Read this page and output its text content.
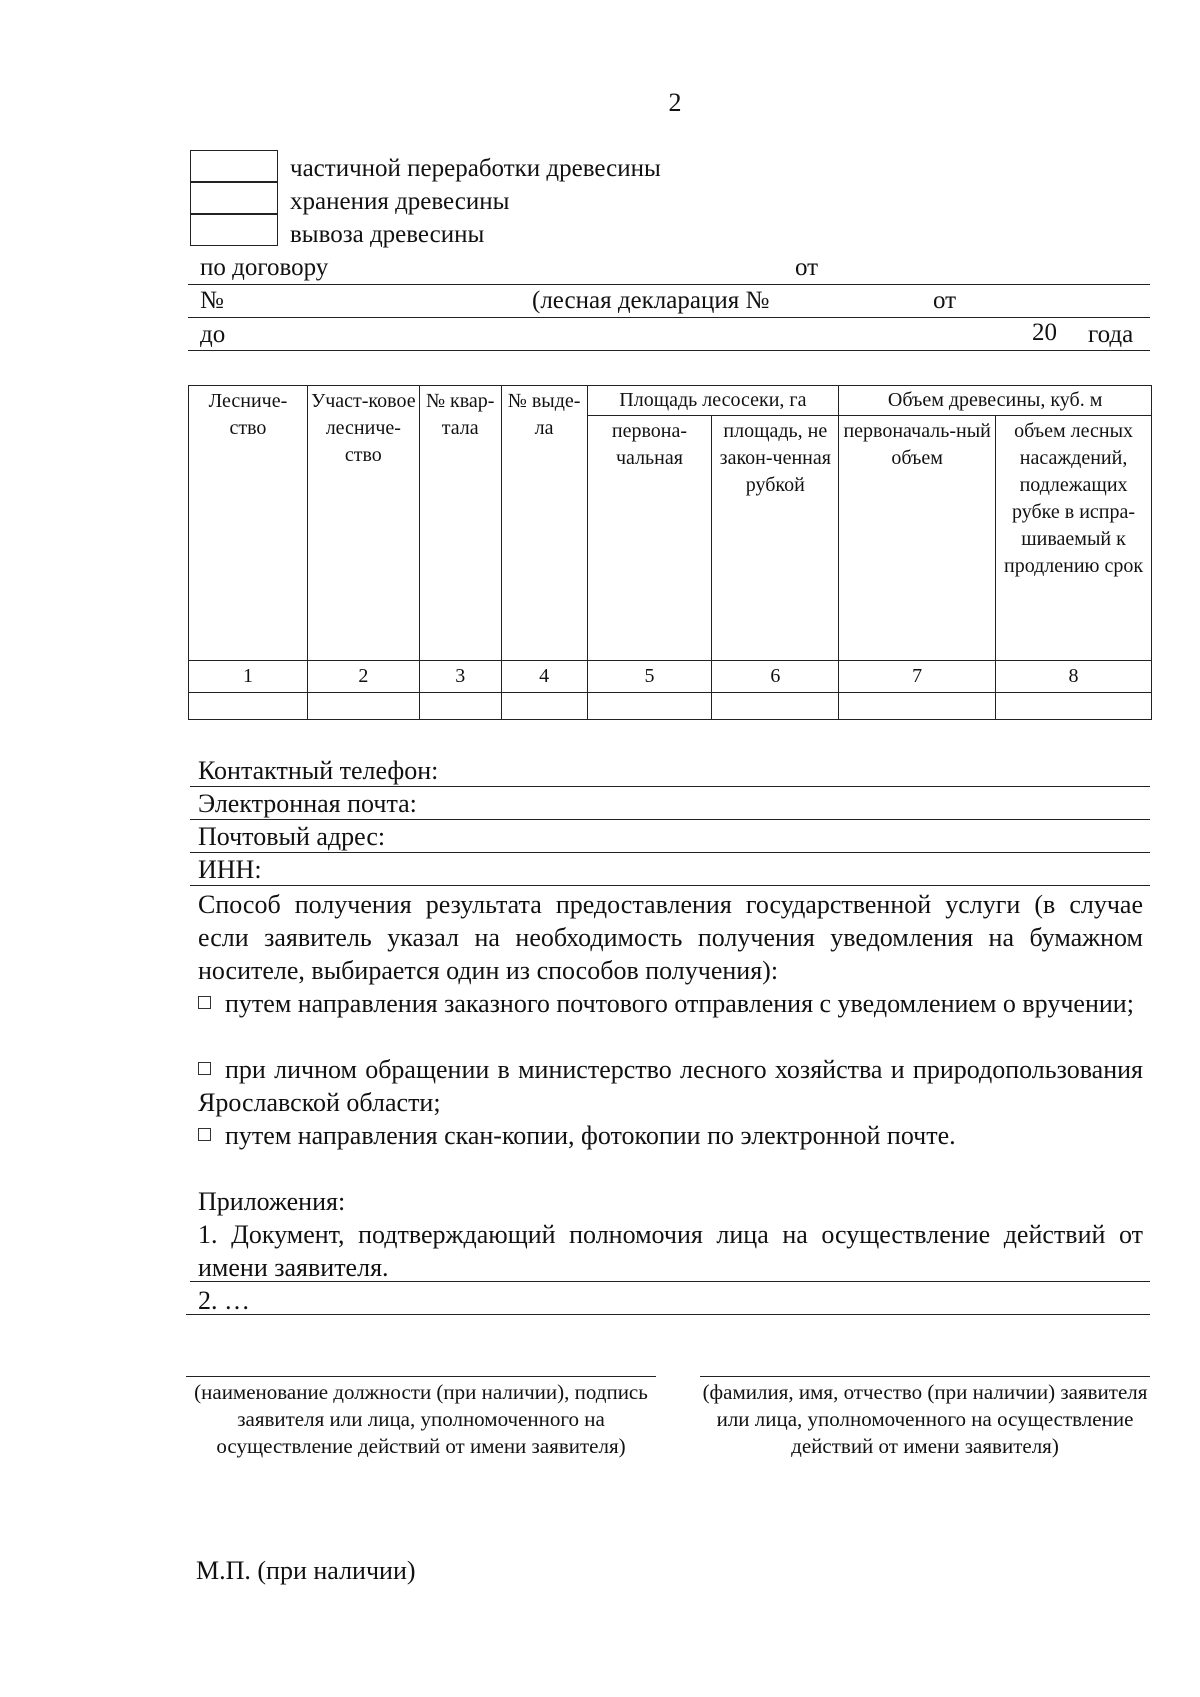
2
частичной переработки древесины
хранения древесины
вывоза древесины
по договору	от
№	(лесная декларация №	от
до	20 года
Лесниче-ство	Участ-ковое лесниче-ство	№ квар-тала	№ выде-ла	Площадь лесосеки, га		Объем древесины, куб. м	
				первона-чальная	площадь, не закон-ченная рубкой	первоначаль-ный объем	объем лесных насаждений, подлежащих рубке в испра-шиваемый к продлению срок
1	2	3	4	5	6	7	8

Контактный телефон:
Электронная почта:
Почтовый адрес:
ИНН:
Способ получения результата предоставления государственной услуги (в случае если заявитель указал на необходимость получения уведомления на бумажном носителе, выбирается один из способов получения):
путем направления заказного почтового отправления с уведомлением о вручении;
при личном обращении в министерство лесного хозяйства и природопользования Ярославской области;
путем направления скан-копии, фотокопии по электронной почте.
Приложения:
1. Документ, подтверждающий полномочия лица на осуществление действий от имени заявителя.
2. …
(наименование должности (при наличии), подпись заявителя или лица, уполномоченного на осуществление действий от имени заявителя)
(фамилия, имя, отчество (при наличии) заявителя или лица, уполномоченного на осуществление действий от имени заявителя)
М.П. (при наличии)
